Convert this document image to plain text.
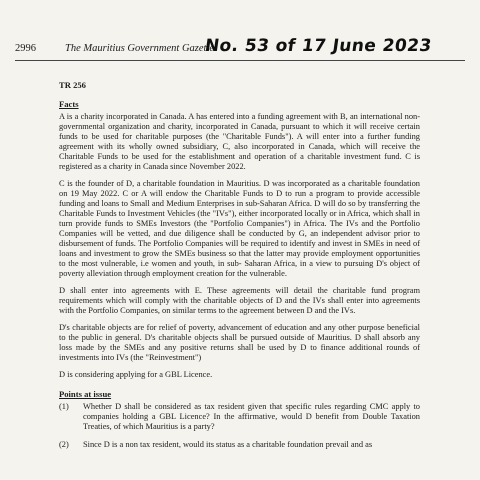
2996	The Mauritius Government Gazette
No. 53 of 17 June 2023

TR 256

Facts

A is a charity incorporated in Canada. A has entered into a funding agreement with B, an international non-governmental organization and charity, incorporated in Canada, pursuant to which it will receive certain funds to be used for charitable purposes (the "Charitable Funds"). A will enter into a further funding agreement with its wholly owned subsidiary, C, also incorporated in Canada, which will receive the Charitable Funds to be used for the establishment and operation of a charitable investment fund. C is registered as a charity in Canada since November 2022.

C is the founder of D, a charitable foundation in Mauritius. D was incorporated as a charitable foundation on 19 May 2022. C or A will endow the Charitable Funds to D to run a program to provide accessible funding and loans to Small and Medium Enterprises in sub-Saharan Africa. D will do so by transferring the Charitable Funds to Investment Vehicles (the "IVs"), either incorporated locally or in Africa, which shall in turn provide funds to SMEs Investors (the "Portfolio Companies") in Africa. The IVs and the Portfolio Companies will be vetted, and due diligence shall be conducted by G, an independent advisor prior to disbursement of funds. The Portfolio Companies will be required to identify and invest in SMEs in need of loans and investment to grow the SMEs business so that the latter may provide employment opportunities to the most vulnerable, i.e women and youth, in sub- Saharan Africa, in a view to pursuing D's object of poverty alleviation through employment creation for the vulnerable.

D shall enter into agreements with E. These agreements will detail the charitable fund program requirements which will comply with the charitable objects of D and the IVs shall enter into agreements with the Portfolio Companies, on similar terms to the agreement between D and the IVs.

D's charitable objects are for relief of poverty, advancement of education and any other purpose beneficial to the public in general. D's charitable objects shall be pursued outside of Mauritius. D shall absorb any loss made by the SMEs and any positive returns shall be used by D to finance additional rounds of investments into IVs (the "Reinvestment")

D is considering applying for a GBL Licence.

Points at issue

(1) Whether D shall be considered as tax resident given that specific rules regarding CMC apply to companies holding a GBL Licence? In the affirmative, would D benefit from Double Taxation Treaties, of which Mauritius is a party?

(2) Since D is a non tax resident, would its status as a charitable foundation prevail and as
